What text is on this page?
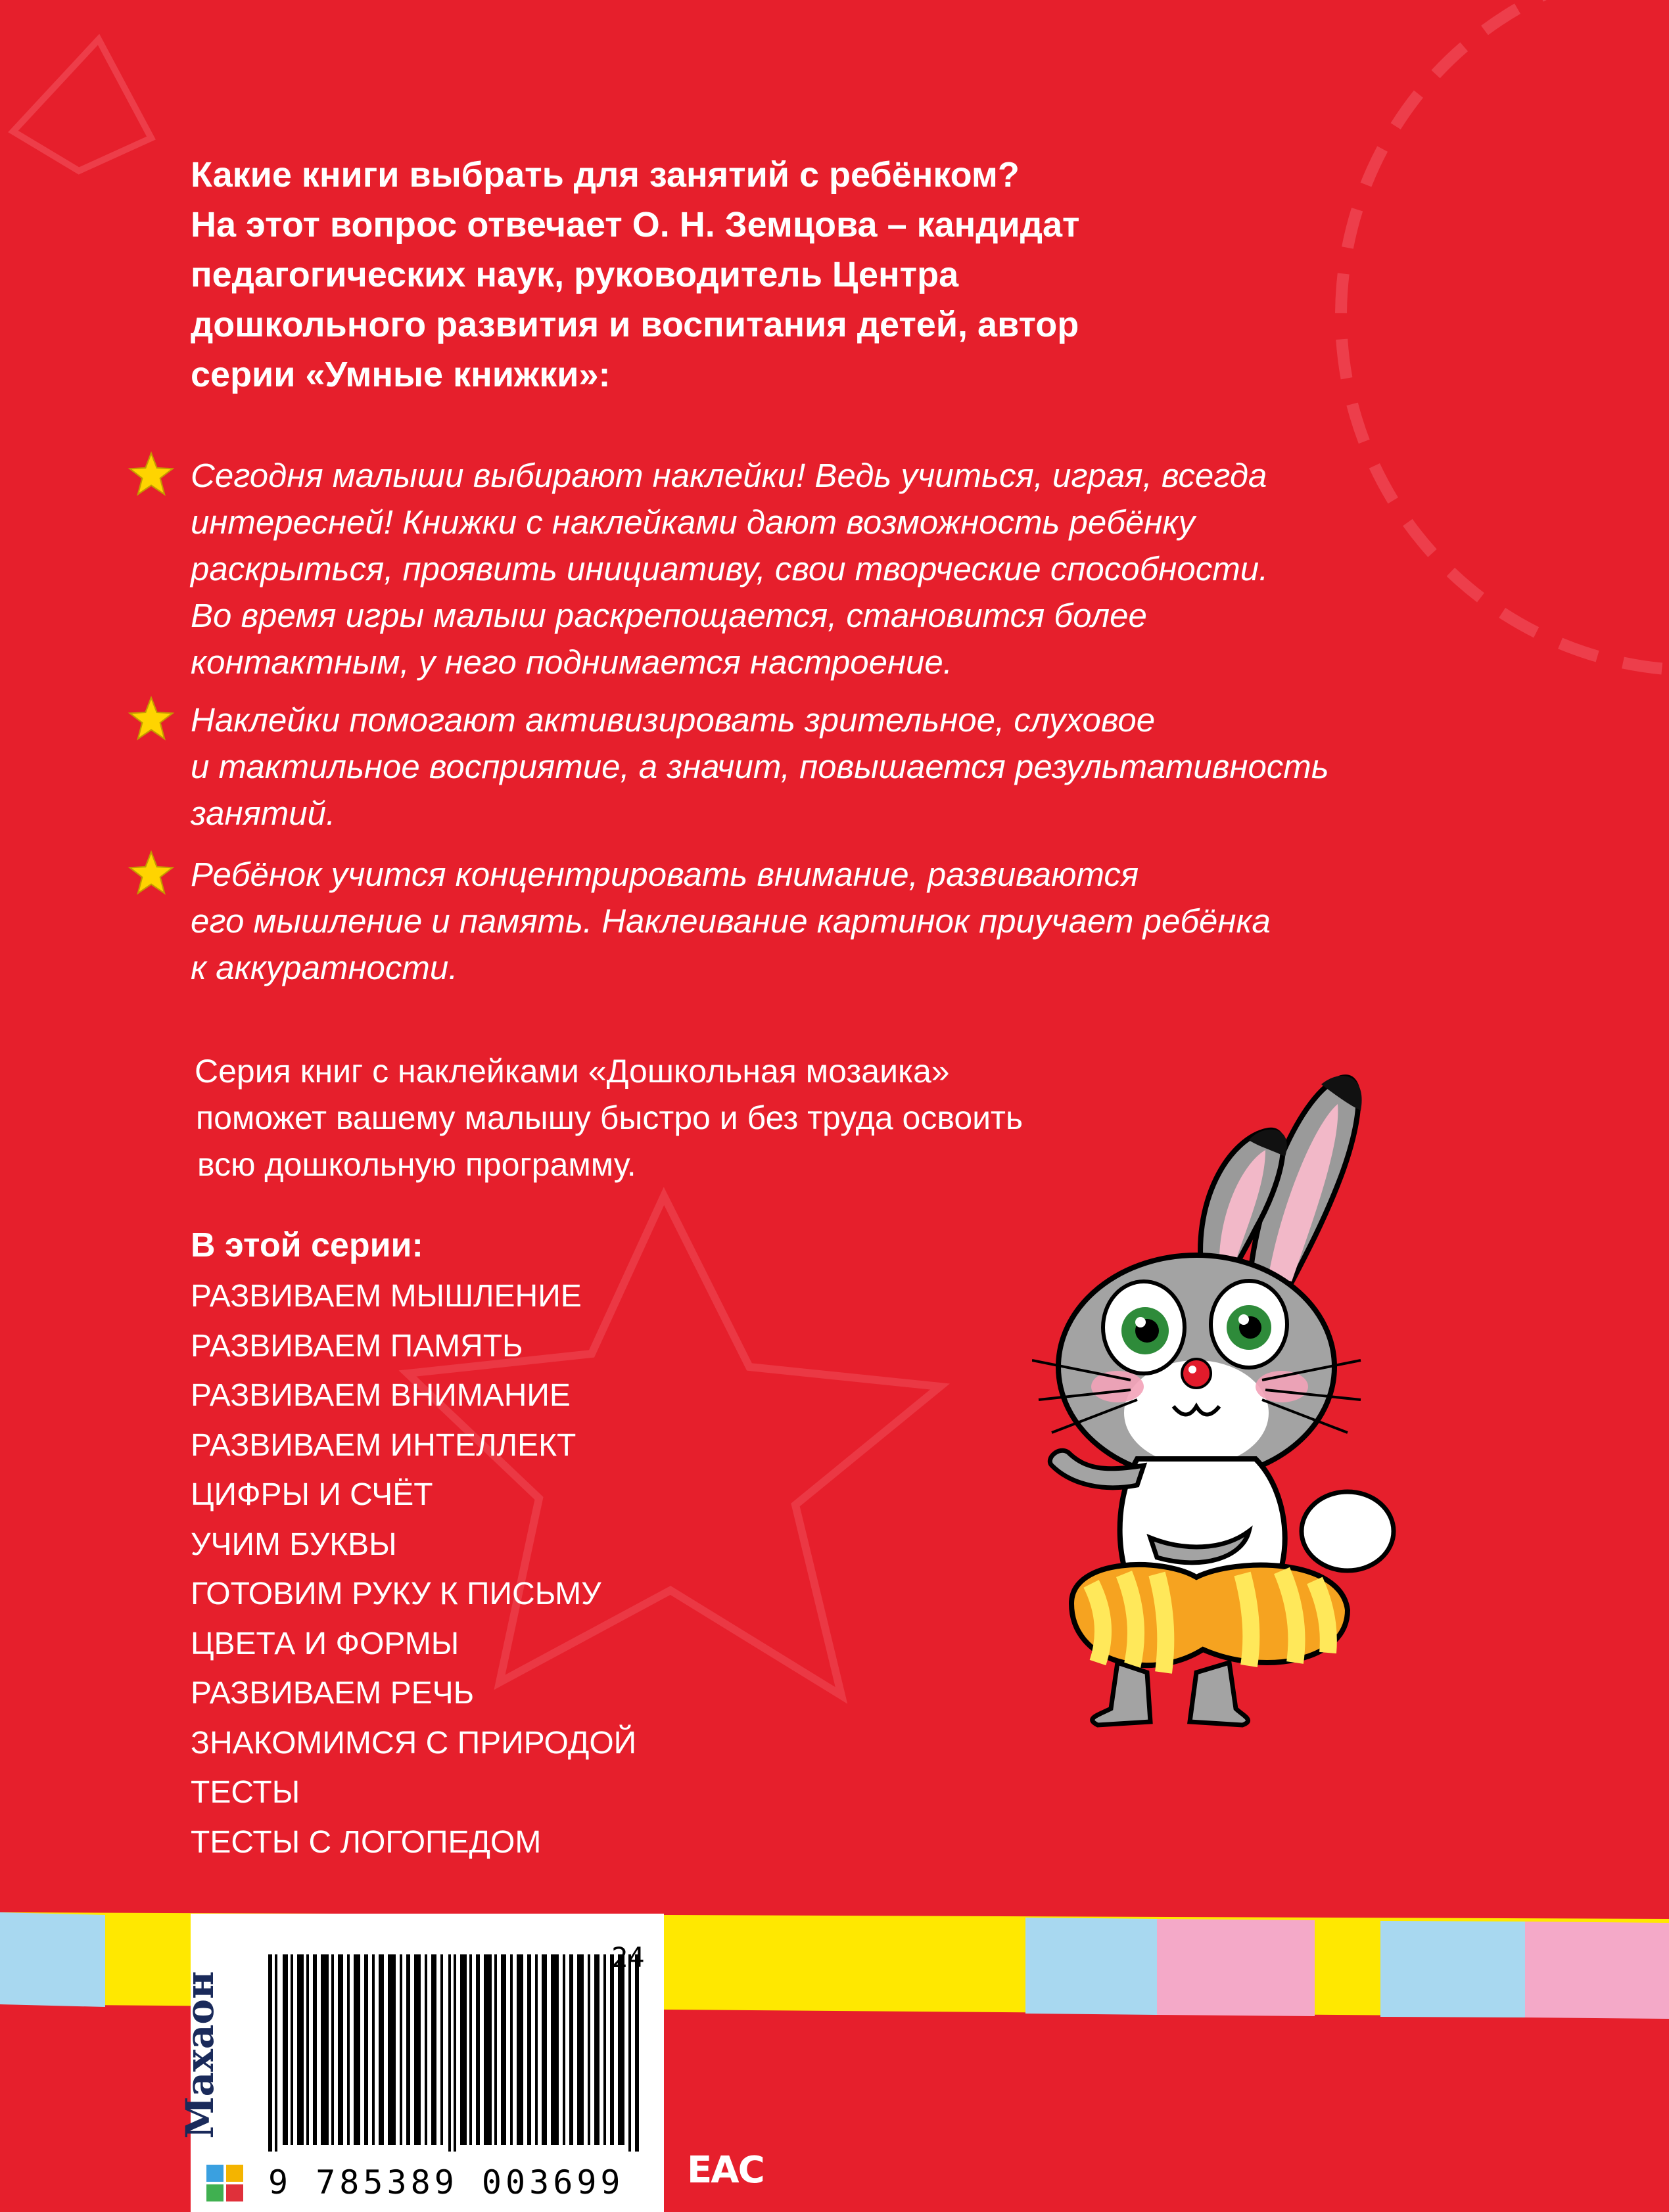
Какие книги выбрать для занятий с ребёнком?
На этот вопрос отвечает О. Н. Земцова – кандидат
педагогических наук, руководитель Центра
дошкольного развития и воспитания детей, автор
серии «Умные книжки»:
Сегодня малыши выбирают наклейки! Ведь учиться, играя, всегда
интересней! Книжки с наклейками дают возможность ребёнку
раскрыться, проявить инициативу, свои творческие способности.
Во время игры малыш раскрепощается, становится более
контактным, у него поднимается настроение.
Наклейки помогают активизировать зрительное, слуховое
и тактильное восприятие, а значит, повышается результативность
занятий.
Ребёнок учится концентрировать внимание, развиваются
его мышление и память. Наклеивание картинок приучает ребёнка
к аккуратности.
Серия книг с наклейками «Дошкольная мозаика»
поможет вашему малышу быстро и без труда освоить
всю дошкольную программу.
В этой серии:
РАЗВИВАЕМ МЫШЛЕНИЕ
РАЗВИВАЕМ ПАМЯТЬ
РАЗВИВАЕМ ВНИМАНИЕ
РАЗВИВАЕМ ИНТЕЛЛЕКТ
ЦИФРЫ И СЧЁТ
УЧИМ БУКВЫ
ГОТОВИМ РУКУ К ПИСЬМУ
ЦВЕТА И ФОРМЫ
РАЗВИВАЕМ РЕЧЬ
ЗНАКОМИМСЯ С ПРИРОДОЙ
ТЕСТЫ
ТЕСТЫ С ЛОГОПЕДОМ
Махаон
24
9 785389 003699 EAC
